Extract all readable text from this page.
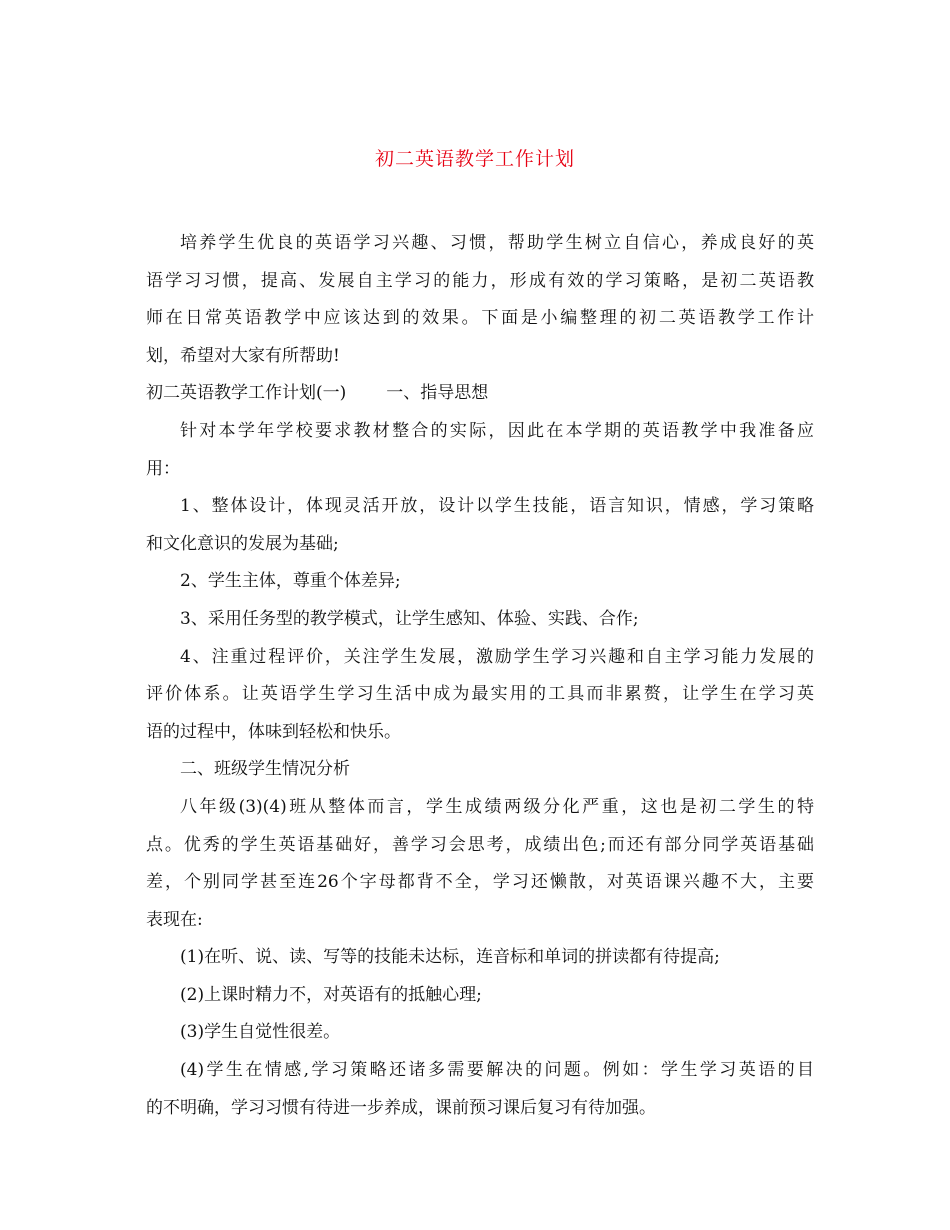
初二英语教学工作计划
培养学生优良的英语学习兴趣、习惯，帮助学生树立自信心，养成良好的英
语学习习惯，提高、发展自主学习的能力，形成有效的学习策略，是初二英语教
师在日常英语教学中应该达到的效果。下面是小编整理的初二英语教学工作计
划，希望对大家有所帮助!
初二英语教学工作计划(一) 一、指导思想
针对本学年学校要求教材整合的实际，因此在本学期的英语教学中我准备应
用：
1、整体设计，体现灵活开放，设计以学生技能，语言知识，情感，学习策略
和文化意识的发展为基础;
2、学生主体，尊重个体差异;
3、采用任务型的教学模式，让学生感知、体验、实践、合作;
4、注重过程评价，关注学生发展，激励学生学习兴趣和自主学习能力发展的
评价体系。让英语学生学习生活中成为最实用的工具而非累赘，让学生在学习英
语的过程中，体味到轻松和快乐。
二、班级学生情况分析
八年级(3)(4)班从整体而言，学生成绩两级分化严重，这也是初二学生的特
点。优秀的学生英语基础好，善学习会思考，成绩出色;而还有部分同学英语基础
差，个别同学甚至连26个字母都背不全，学习还懒散，对英语课兴趣不大，主要
表现在:
(1)在听、说、读、写等的技能未达标，连音标和单词的拼读都有待提高;
(2)上课时精力不，对英语有的抵触心理;
(3)学生自觉性很差。
(4)学生在情感,学习策略还诸多需要解决的问题。例如：学生学习英语的目
的不明确，学习习惯有待进一步养成，课前预习课后复习有待加强。
